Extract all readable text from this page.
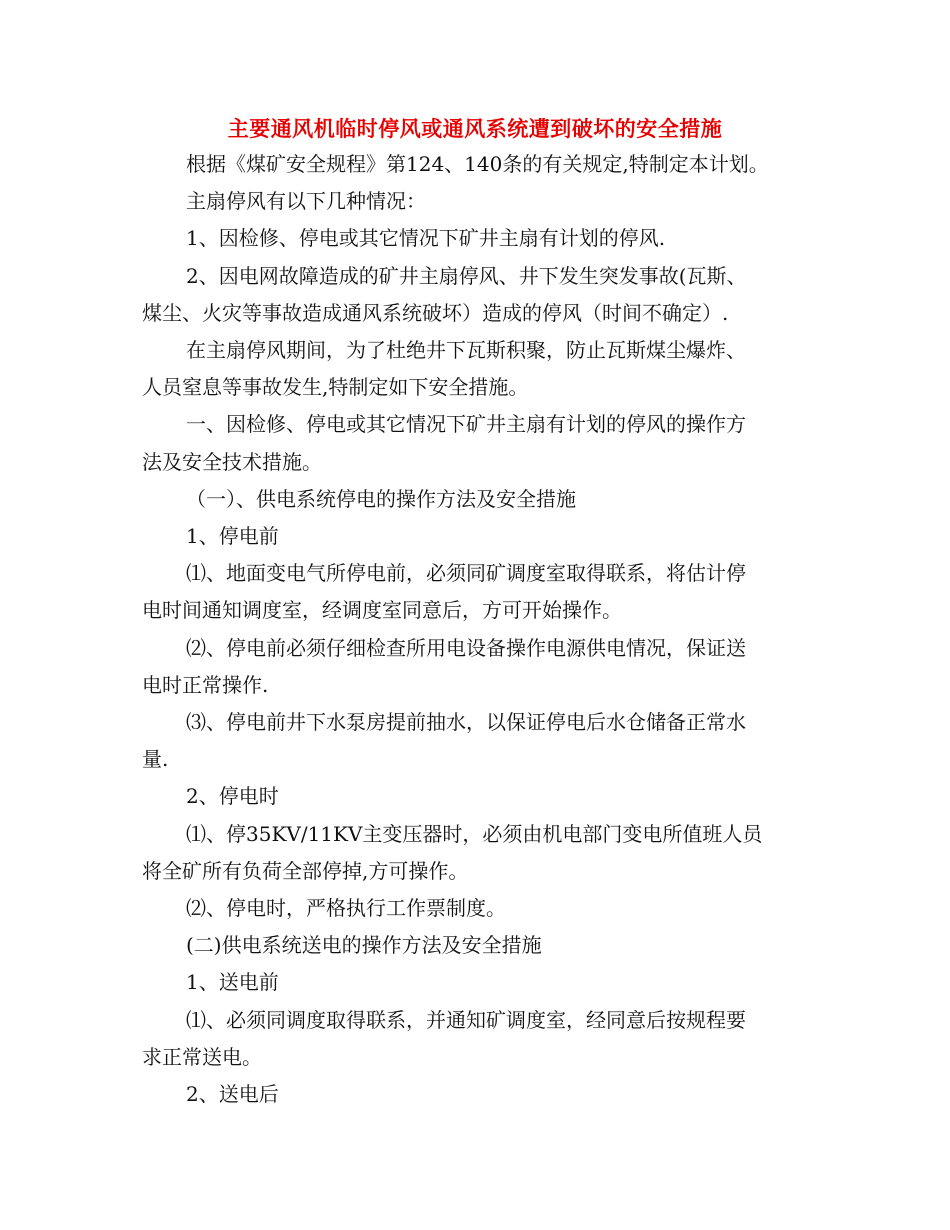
主要通风机临时停风或通风系统遭到破坏的安全措施

根据《煤矿安全规程》第124、140条的有关规定,特制定本计划。

主扇停风有以下几种情况：

1、因检修、停电或其它情况下矿井主扇有计划的停风.

2、因电网故障造成的矿井主扇停风、井下发生突发事故(瓦斯、

煤尘、火灾等事故造成通风系统破坏）造成的停风（时间不确定）.

在主扇停风期间，为了杜绝井下瓦斯积聚，防止瓦斯煤尘爆炸、

人员窒息等事故发生,特制定如下安全措施。

一、因检修、停电或其它情况下矿井主扇有计划的停风的操作方

法及安全技术措施。

（一）、供电系统停电的操作方法及安全措施

1、停电前

⑴、地面变电气所停电前，必须同矿调度室取得联系，将估计停

电时间通知调度室，经调度室同意后，方可开始操作。

⑵、停电前必须仔细检查所用电设备操作电源供电情况，保证送

电时正常操作.

⑶、停电前井下水泵房提前抽水，以保证停电后水仓储备正常水

量.

2、停电时

⑴、停35KV/11KV主变压器时，必须由机电部门变电所值班人员

将全矿所有负荷全部停掉,方可操作。

⑵、停电时，严格执行工作票制度。

(二)供电系统送电的操作方法及安全措施

1、送电前

⑴、必须同调度取得联系，并通知矿调度室，经同意后按规程要

求正常送电。

2、送电后
